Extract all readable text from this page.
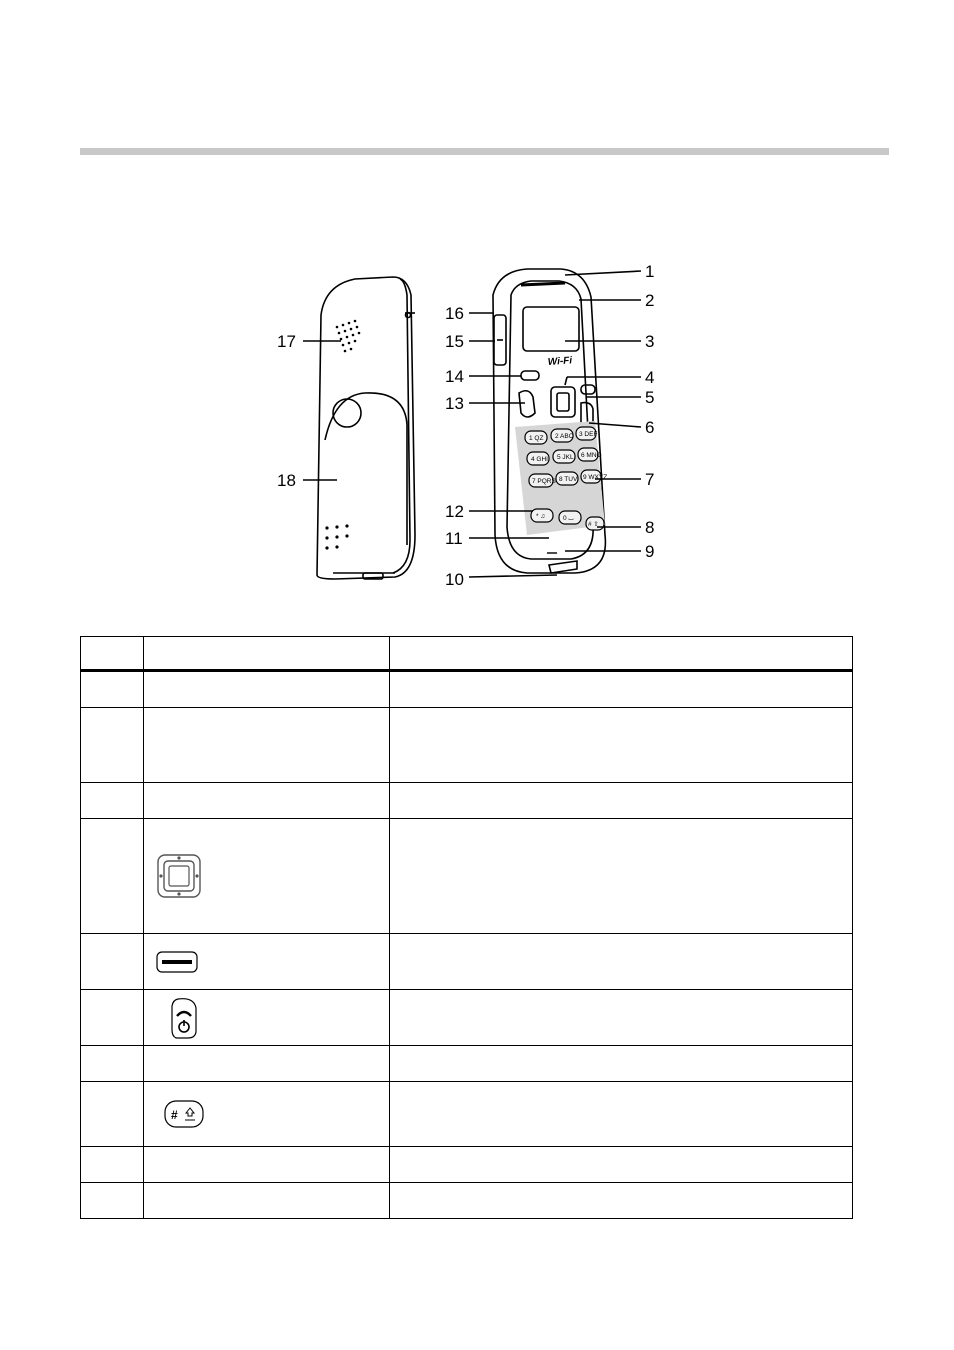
Wi-Fi
1 QZ 2 ABC 3 DEF
4 GHI 5 JKL 6 MNO
7 PQRS 8 TUV 9 WXYZ
* ♫	0 ⌴
# ⇧
1
2
3
4
5
6
7
8
9
10
11
12
13
14
15
16
17
18

#	
